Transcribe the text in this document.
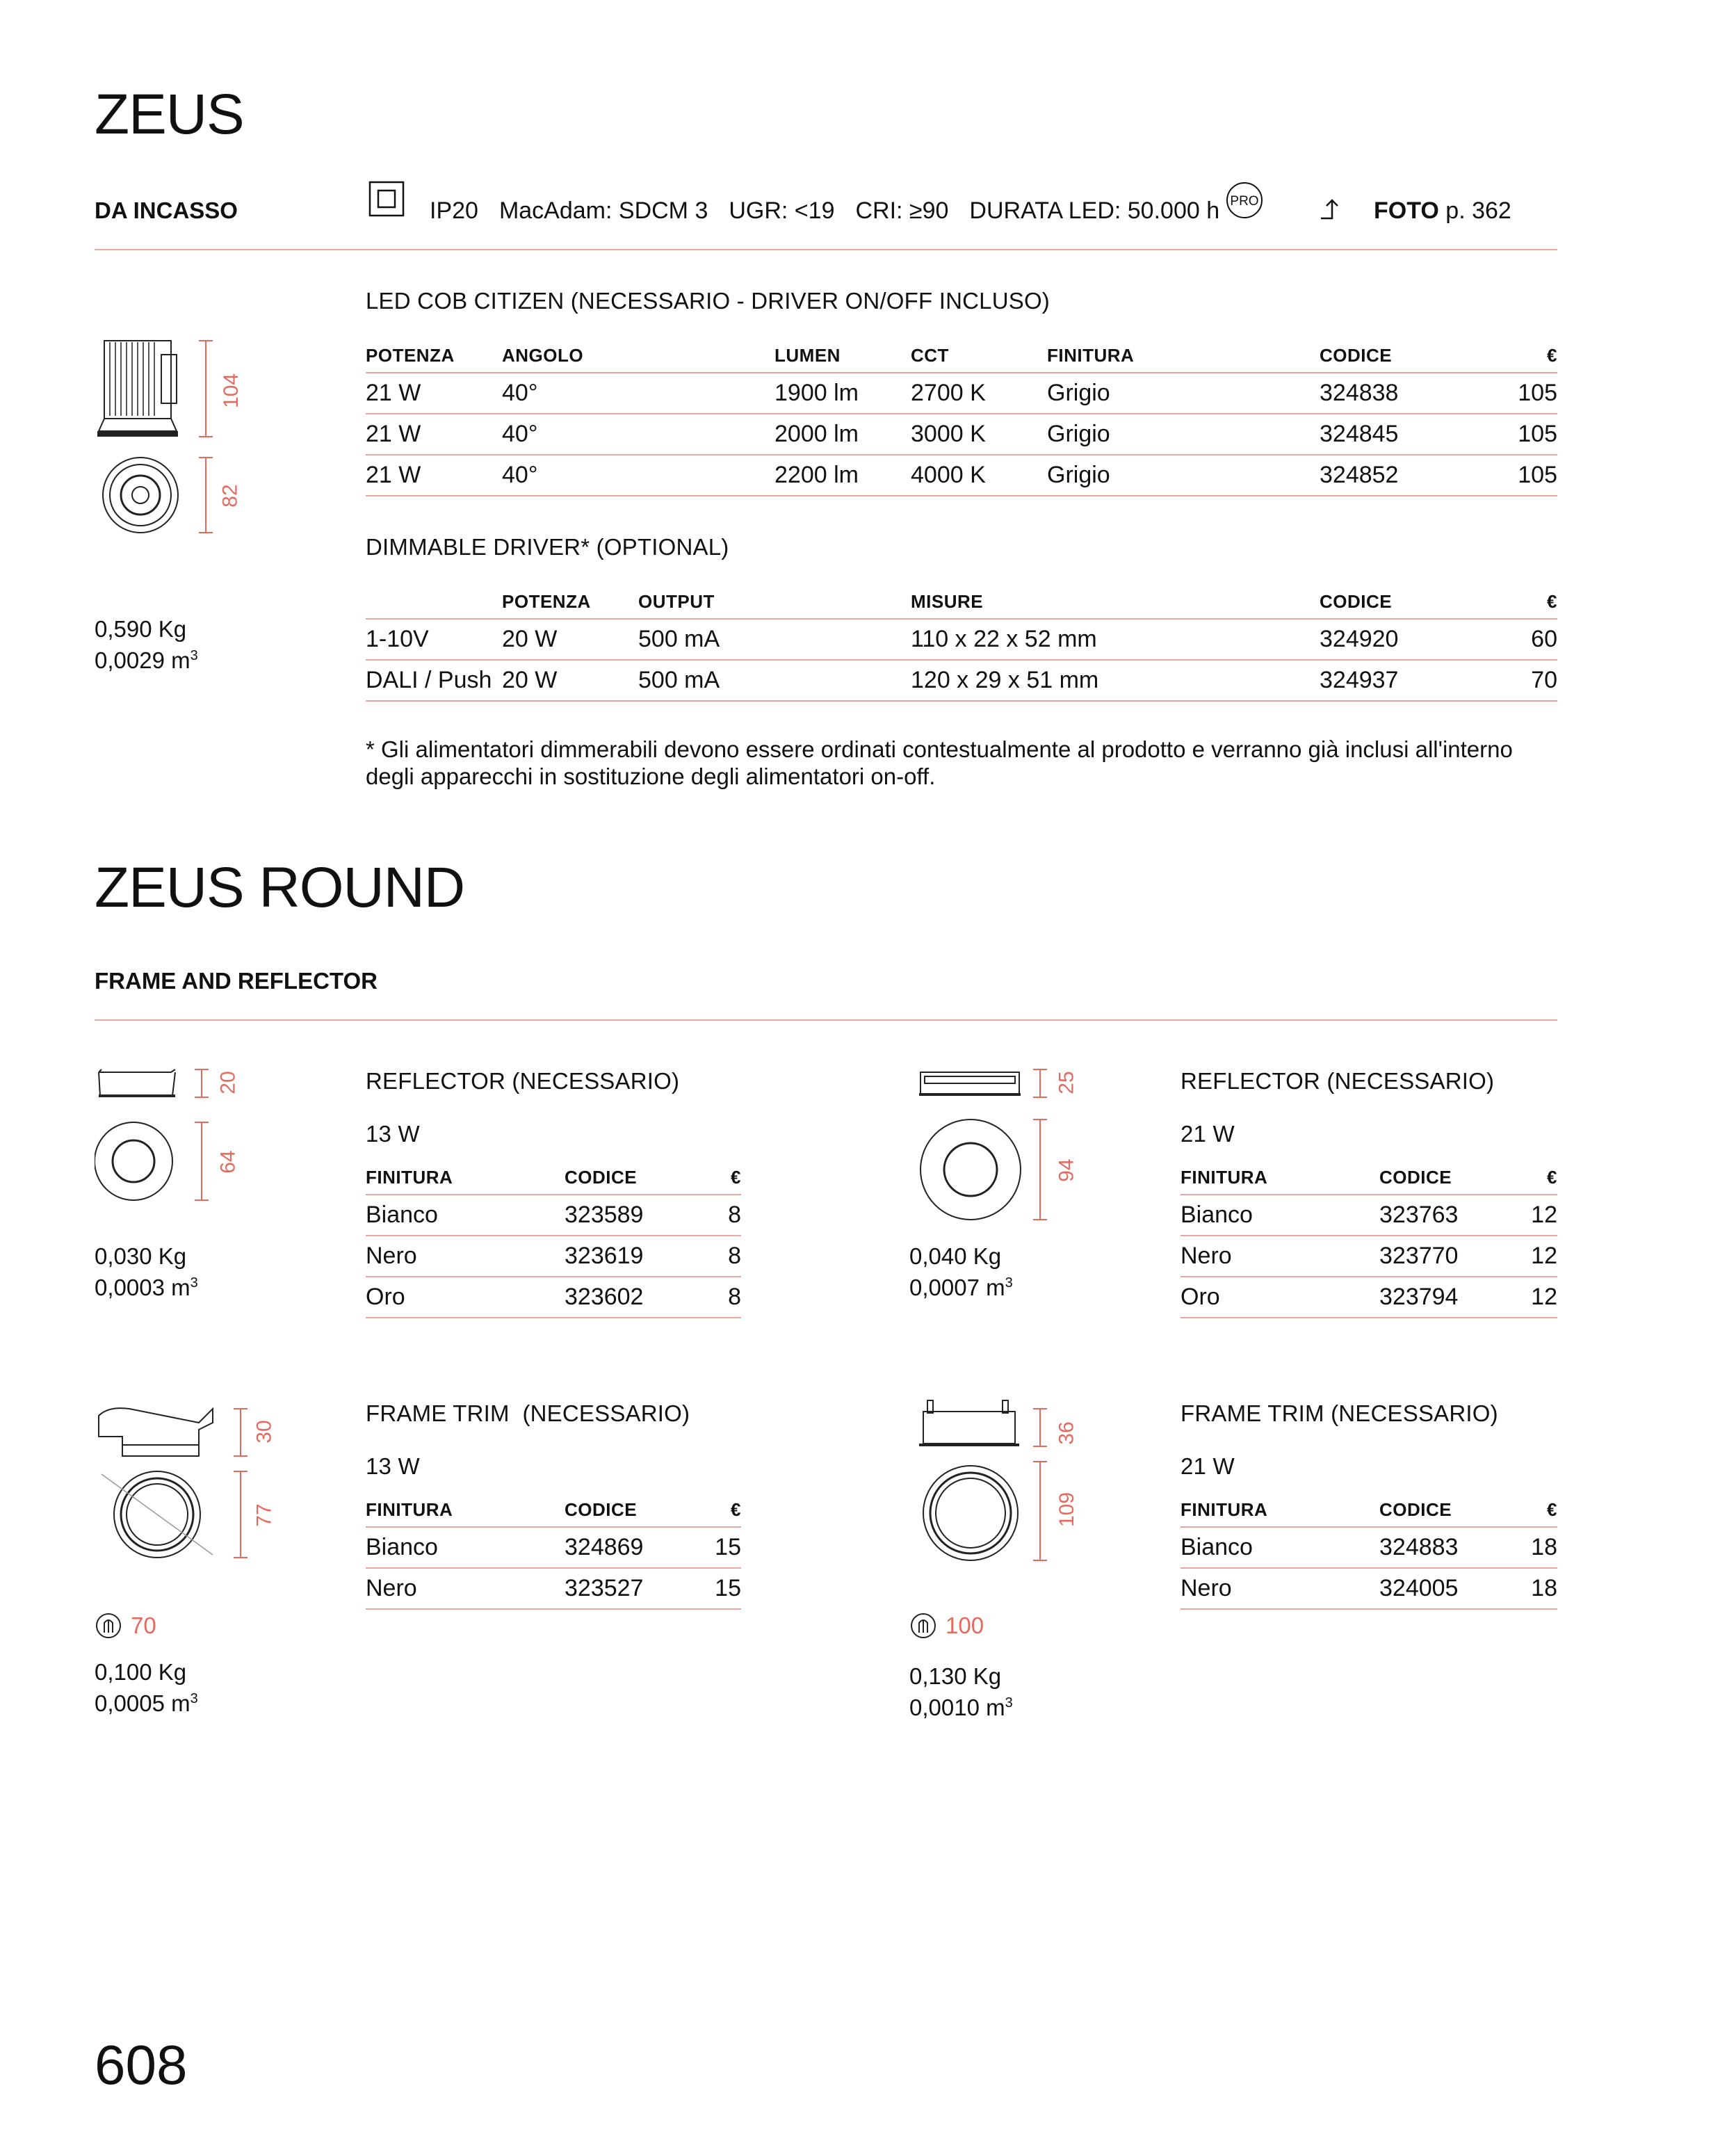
ZEUS
DA INCASSO	IP20 MacAdam: SDCM 3 UGR: <19 CRI: ≥90 DURATA LED: 50.000 h PRO	FOTO p. 362
104
82
0,590 Kg
0,0029 $m^3$
LED COB CITIZEN (NECESSARIO - DRIVER ON/OFF INCLUSO)
POTENZA	ANGOLO	LUMEN	CCT	FINITURA	CODICE	€
21 W	40°	1900 lm	2700 K	Grigio	324838	105
21 W	40°	2000 lm	3000 K	Grigio	324845	105
21 W	40°	2200 lm	4000 K	Grigio	324852	105
DIMMABLE DRIVER* (OPTIONAL)
	POTENZA	OUTPUT	MISURE	CODICE	€
1-10V	20 W	500 mA	110 x 22 x 52 mm	324920	60
DALI / Push	20 W	500 mA	120 x 29 x 51 mm	324937	70
* Gli alimentatori dimmerabili devono essere ordinati contestualmente al prodotto e verranno già inclusi all'interno degli apparecchi in sostituzione degli alimentatori on-off.
ZEUS ROUND
FRAME AND REFLECTOR
20
64
0,030 Kg
0,0003 $m^3$
REFLECTOR (NECESSARIO)
13 W
FINITURA	CODICE	€
Bianco	323589	8
Nero	323619	8
Oro	323602	8
25
94
0,040 Kg
0,0007 $m^3$
REFLECTOR (NECESSARIO)
21 W
FINITURA	CODICE	€
Bianco	323763	12
Nero	323770	12
Oro	323794	12
30
77
70
0,100 Kg
0,0005 $m^3$
FRAME TRIM  (NECESSARIO)
13 W
FINITURA	CODICE	€
Bianco	324869	15
Nero	323527	15
36
109
100
0,130 Kg
0,0010 $m^3$
FRAME TRIM (NECESSARIO)
21 W
FINITURA	CODICE	€
Bianco	324883	18
Nero	324005	18
608
